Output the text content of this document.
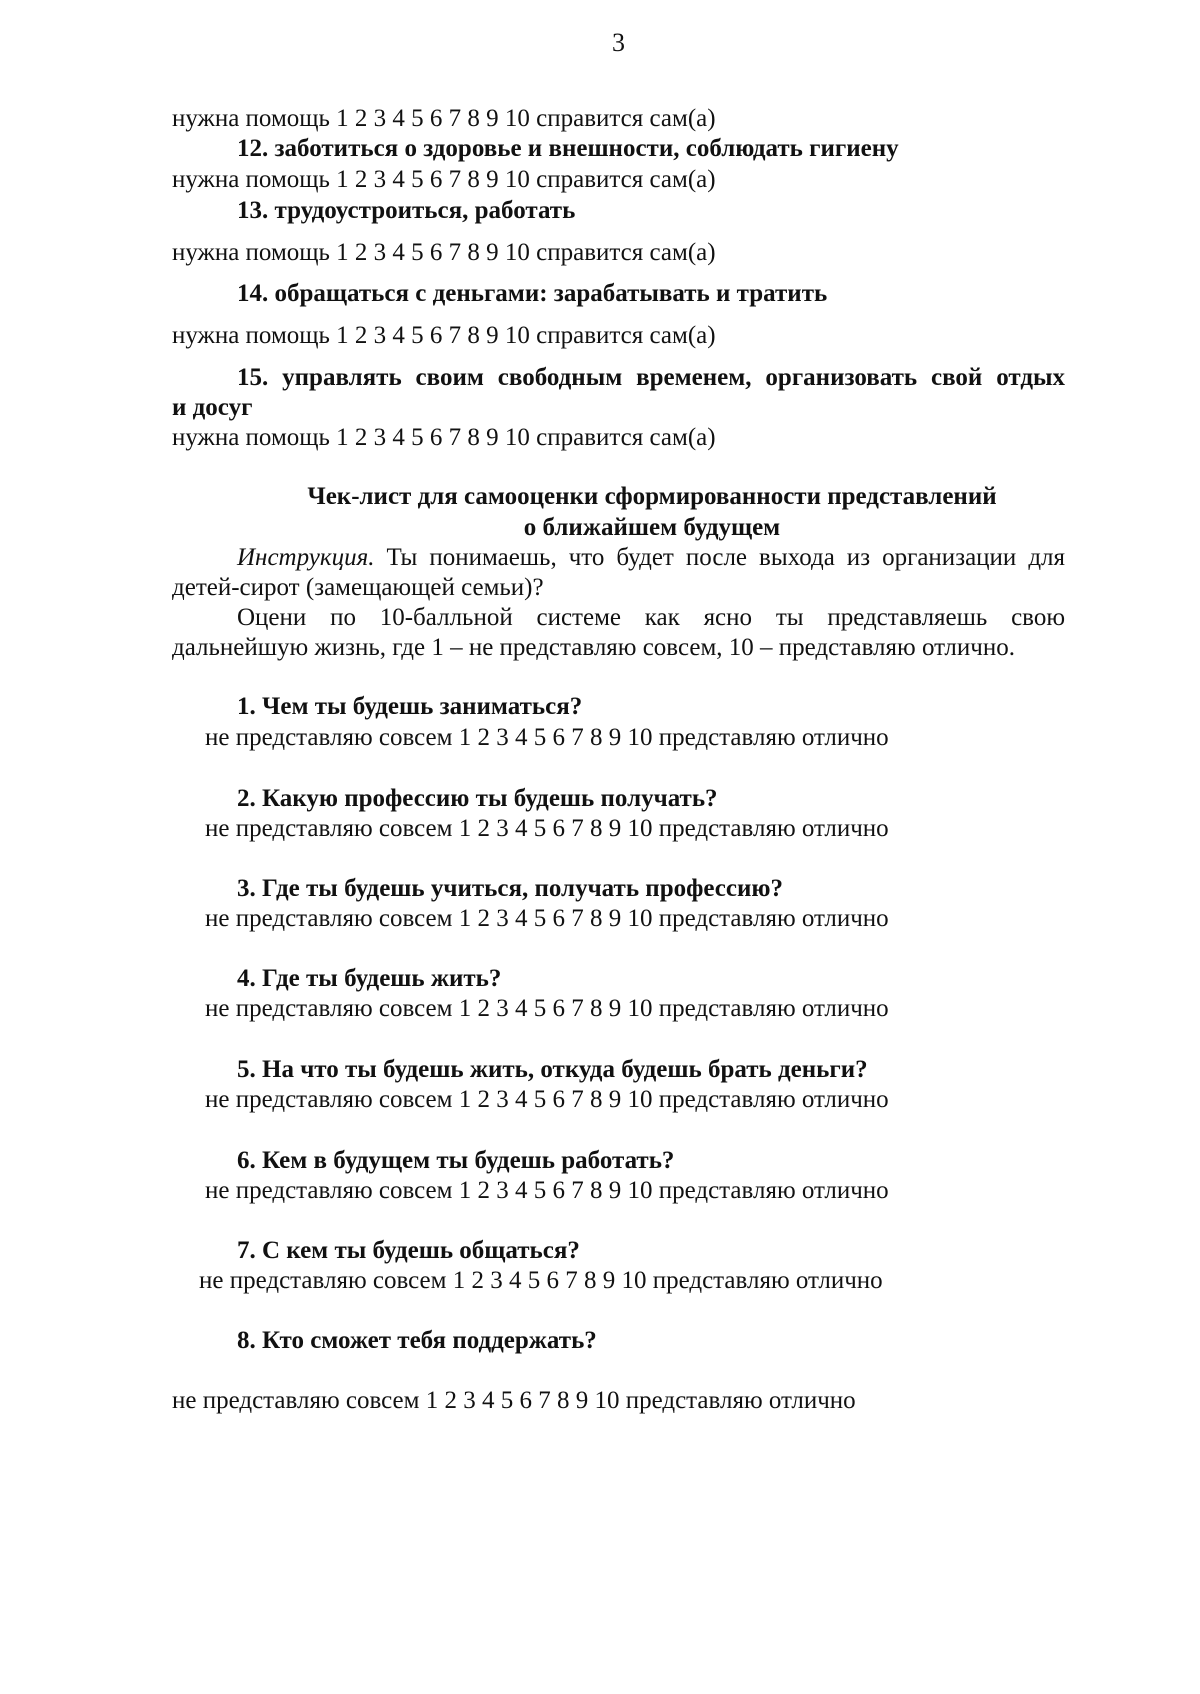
3
нужна помощь 1 2 3 4 5 6 7 8 9 10 справится сам(а)
12. заботиться о здоровье и внешности, соблюдать гигиену
нужна помощь 1 2 3 4 5 6 7 8 9 10 справится сам(а)
13. трудоустроиться, работать
нужна помощь 1 2 3 4 5 6 7 8 9 10 справится сам(а)
14. обращаться с деньгами: зарабатывать и тратить
нужна помощь 1 2 3 4 5 6 7 8 9 10 справится сам(а)
15. управлять своим свободным временем, организовать свой отдых
и досуг
нужна помощь 1 2 3 4 5 6 7 8 9 10 справится сам(а)
Чек-лист для самооценки сформированности представлений
о ближайшем будущем
Инструкция. Ты понимаешь, что будет после выхода из организации для
детей-сирот (замещающей семьи)?
Оцени по 10-балльной системе как ясно ты представляешь свою
дальнейшую жизнь, где 1 – не представляю совсем, 10 – представляю отлично.
1. Чем ты будешь заниматься?
не представляю совсем 1 2 3 4 5 6 7 8 9 10 представляю отлично
2. Какую профессию ты будешь получать?
не представляю совсем 1 2 3 4 5 6 7 8 9 10 представляю отлично
3. Где ты будешь учиться, получать профессию?
не представляю совсем 1 2 3 4 5 6 7 8 9 10 представляю отлично
4. Где ты будешь жить?
не представляю совсем 1 2 3 4 5 6 7 8 9 10 представляю отлично
5. На что ты будешь жить, откуда будешь брать деньги?
не представляю совсем 1 2 3 4 5 6 7 8 9 10 представляю отлично
6. Кем в будущем ты будешь работать?
не представляю совсем 1 2 3 4 5 6 7 8 9 10 представляю отлично
7. С кем ты будешь общаться?
не представляю совсем 1 2 3 4 5 6 7 8 9 10 представляю отлично
8. Кто сможет тебя поддержать?
не представляю совсем 1 2 3 4 5 6 7 8 9 10 представляю отлично
